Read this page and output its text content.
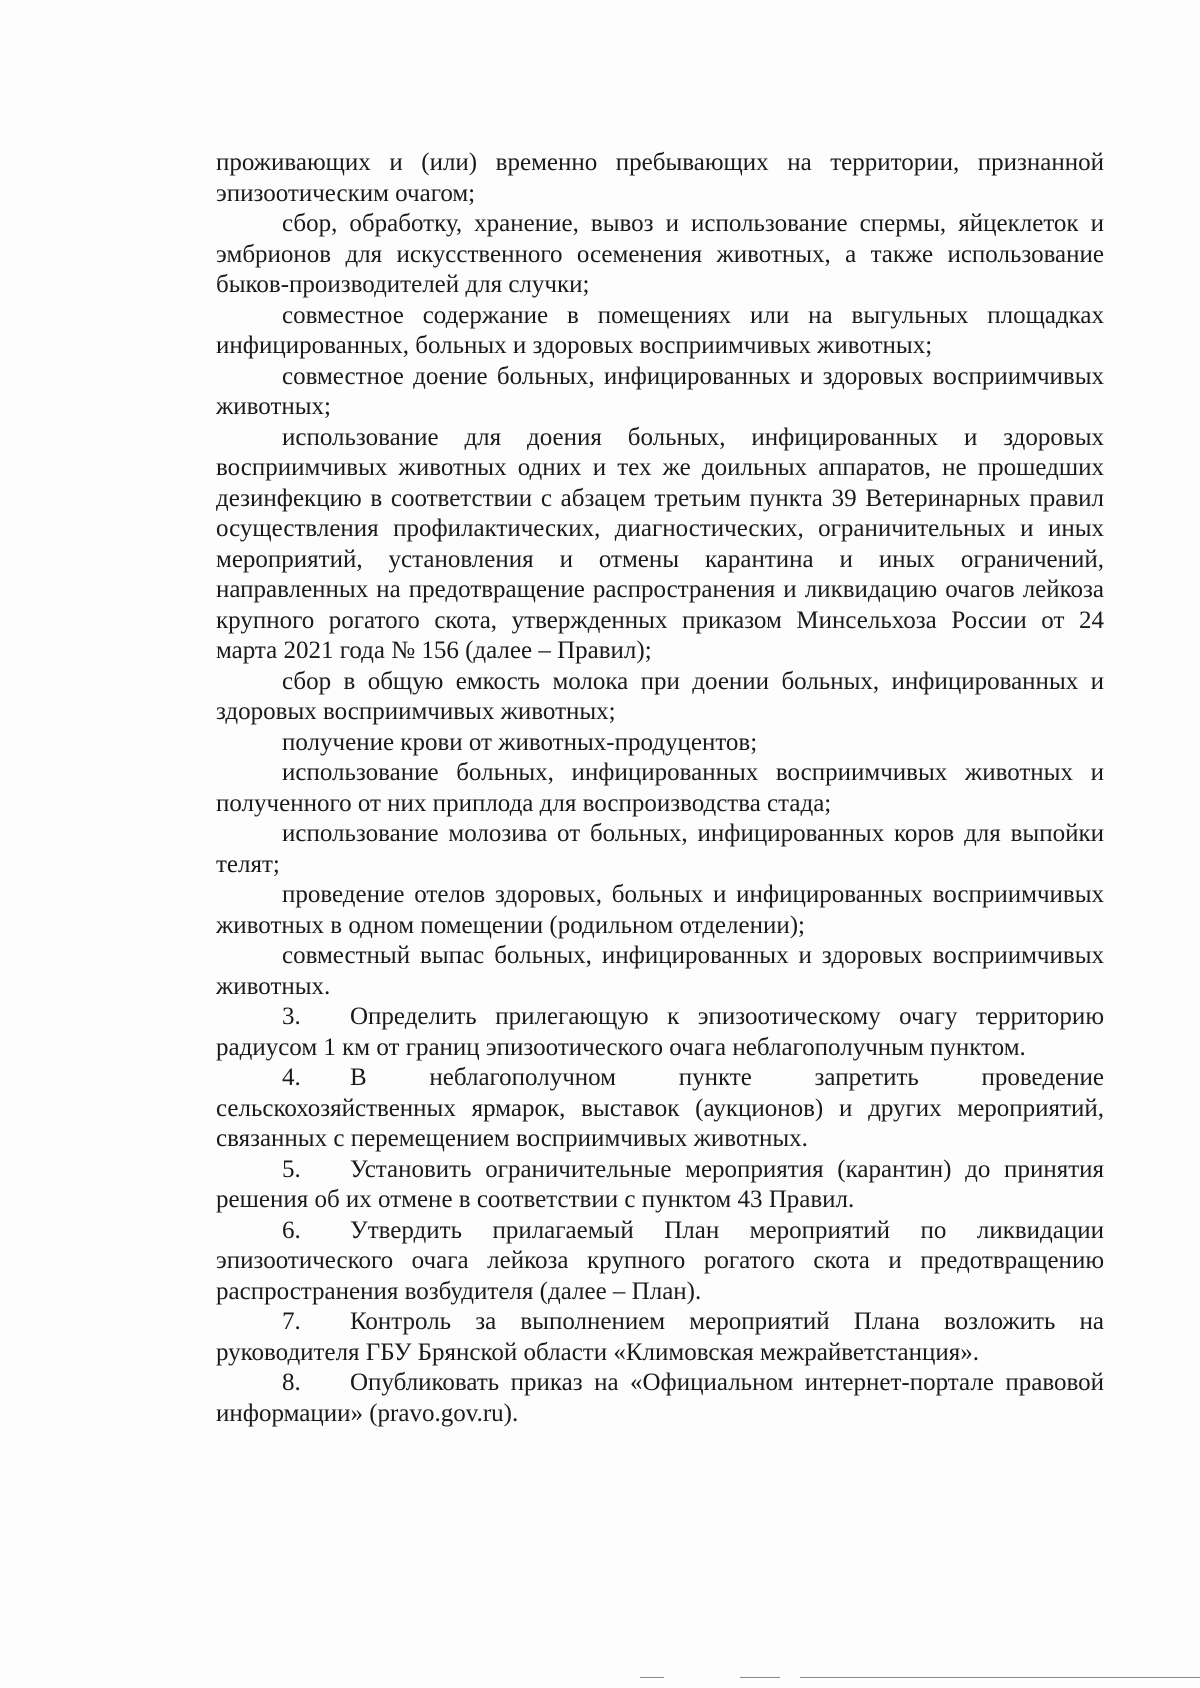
проживающих и (или) временно пребывающих на территории, признанной эпизоотическим очагом;

сбор, обработку, хранение, вывоз и использование спермы, яйцеклеток и эмбрионов для искусственного осеменения животных, а также использование быков-производителей для случки;

совместное содержание в помещениях или на выгульных площадках инфицированных, больных и здоровых восприимчивых животных;

совместное доение больных, инфицированных и здоровых восприимчивых животных;

использование для доения больных, инфицированных и здоровых восприимчивых животных одних и тех же доильных аппаратов, не прошедших дезинфекцию в соответствии с абзацем третьим пункта 39 Ветеринарных правил осуществления профилактических, диагностических, ограничительных и иных мероприятий, установления и отмены карантина и иных ограничений, направленных на предотвращение распространения и ликвидацию очагов лейкоза крупного рогатого скота, утвержденных приказом Минсельхоза России от 24 марта 2021 года № 156 (далее – Правил);

сбор в общую емкость молока при доении больных, инфицированных и здоровых восприимчивых животных;

получение крови от животных-продуцентов;

использование больных, инфицированных восприимчивых животных и полученного от них приплода для воспроизводства стада;

использование молозива от больных, инфицированных коров для выпойки телят;

проведение отелов здоровых, больных и инфицированных восприимчивых животных в одном помещении (родильном отделении);

совместный выпас больных, инфицированных и здоровых восприимчивых животных.

3. Определить прилегающую к эпизоотическому очагу территорию радиусом 1 км от границ эпизоотического очага неблагополучным пунктом.

4. В неблагополучном пункте запретить проведение сельскохозяйственных ярмарок, выставок (аукционов) и других мероприятий, связанных с перемещением восприимчивых животных.

5. Установить ограничительные мероприятия (карантин) до принятия решения об их отмене в соответствии с пунктом 43 Правил.

6. Утвердить прилагаемый План мероприятий по ликвидации эпизоотического очага лейкоза крупного рогатого скота и предотвращению распространения возбудителя (далее – План).

7. Контроль за выполнением мероприятий Плана возложить на руководителя ГБУ Брянской области «Климовская межрайветстанция».

8. Опубликовать приказ на «Официальном интернет-портале правовой информации» (pravo.gov.ru).
